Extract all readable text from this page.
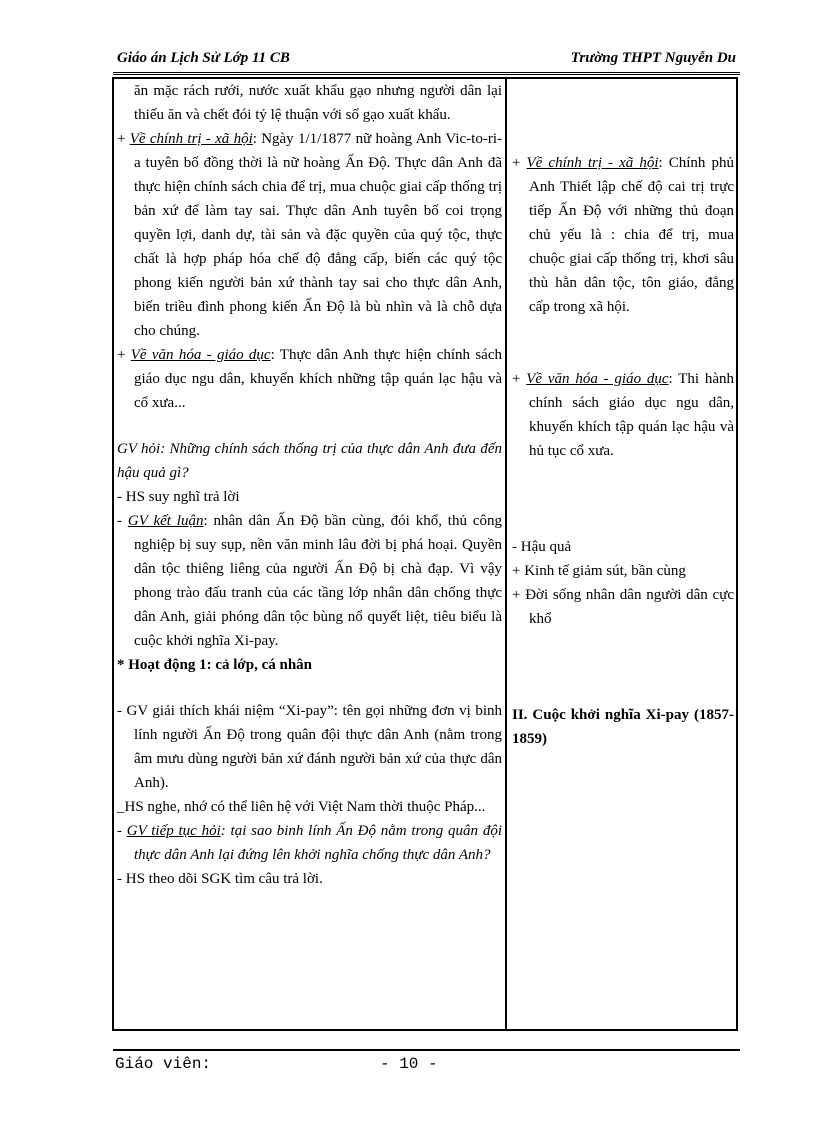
Giáo án Lịch Sử Lớp 11 CB	Trường THPT Nguyễn Du

ăn mặc rách rưới, nước xuất khẩu gạo nhưng người dân lại thiếu ăn và chết đói tỷ lệ thuận với số gạo xuất khẩu.

+ Về chính trị - xã hội: Ngày 1/1/1877 nữ hoàng Anh Vic-to-ri-a tuyên bố đồng thời là nữ hoàng Ấn Độ. Thực dân Anh đã thực hiện chính sách chia để trị, mua chuộc giai cấp thống trị bản xứ để làm tay sai. Thực dân Anh tuyên bố coi trọng quyền lợi, danh dự, tài sản và đặc quyền của quý tộc, thực chất là hợp pháp hóa chế độ đẳng cấp, biến các quý tộc phong kiến người bản xứ thành tay sai cho thực dân Anh, biến triều đình phong kiến Ấn Độ là bù nhìn và là chỗ dựa cho chúng.

+ Về văn hóa - giáo dục: Thực dân Anh thực hiện chính sách giáo dục ngu dân, khuyến khích những tập quán lạc hậu và cổ xưa...

GV hỏi: Những chính sách thống trị của thực dân Anh đưa đến hậu quả gì?

- HS suy nghĩ trả lời

- GV kết luận: nhân dân Ấn Độ bần cùng, đói khổ, thủ công nghiệp bị suy sụp, nền văn minh lâu đời bị phá hoại. Quyền dân tộc thiêng liêng của người Ấn Độ bị chà đạp. Vì vậy phong trào đấu tranh của các tầng lớp nhân dân chống thực dân Anh, giải phóng dân tộc bùng nổ quyết liệt, tiêu biểu là cuộc khởi nghĩa Xi-pay.

* Hoạt động 1: cả lớp, cá nhân

- GV giải thích khái niệm “Xi-pay”: tên gọi những đơn vị binh lính người Ấn Độ trong quân đội thực dân Anh (nằm trong âm mưu dùng người bản xứ đánh người bản xứ của thực dân Anh).

_HS nghe, nhớ có thể liên hệ với Việt Nam thời thuộc Pháp...

- GV tiếp tục hỏi: tại sao binh lính Ấn Độ nằm trong quân đội thực dân Anh lại đứng lên khởi nghĩa chống thực dân Anh?

- HS theo dõi SGK tìm câu trả lời.

+ Về chính trị - xã hội: Chính phủ Anh Thiết lập chế độ cai trị trực tiếp Ấn Độ với những thủ đoạn chủ yếu là : chia để trị, mua chuộc giai cấp thống trị, khơi sâu thù hằn dân tộc, tôn giáo, đẳng cấp trong xã hội.

+ Về văn hóa - giáo dục: Thi hành chính sách giáo dục ngu dân, khuyến khích tập quán lạc hậu và hủ tục cổ xưa.

- Hậu quả

+ Kinh tế giảm sút, bần cùng

+ Đời sống nhân dân người dân cực khổ

II. Cuộc khởi nghĩa Xi-pay (1857-1859)

Giáo viên:	- 10 -
